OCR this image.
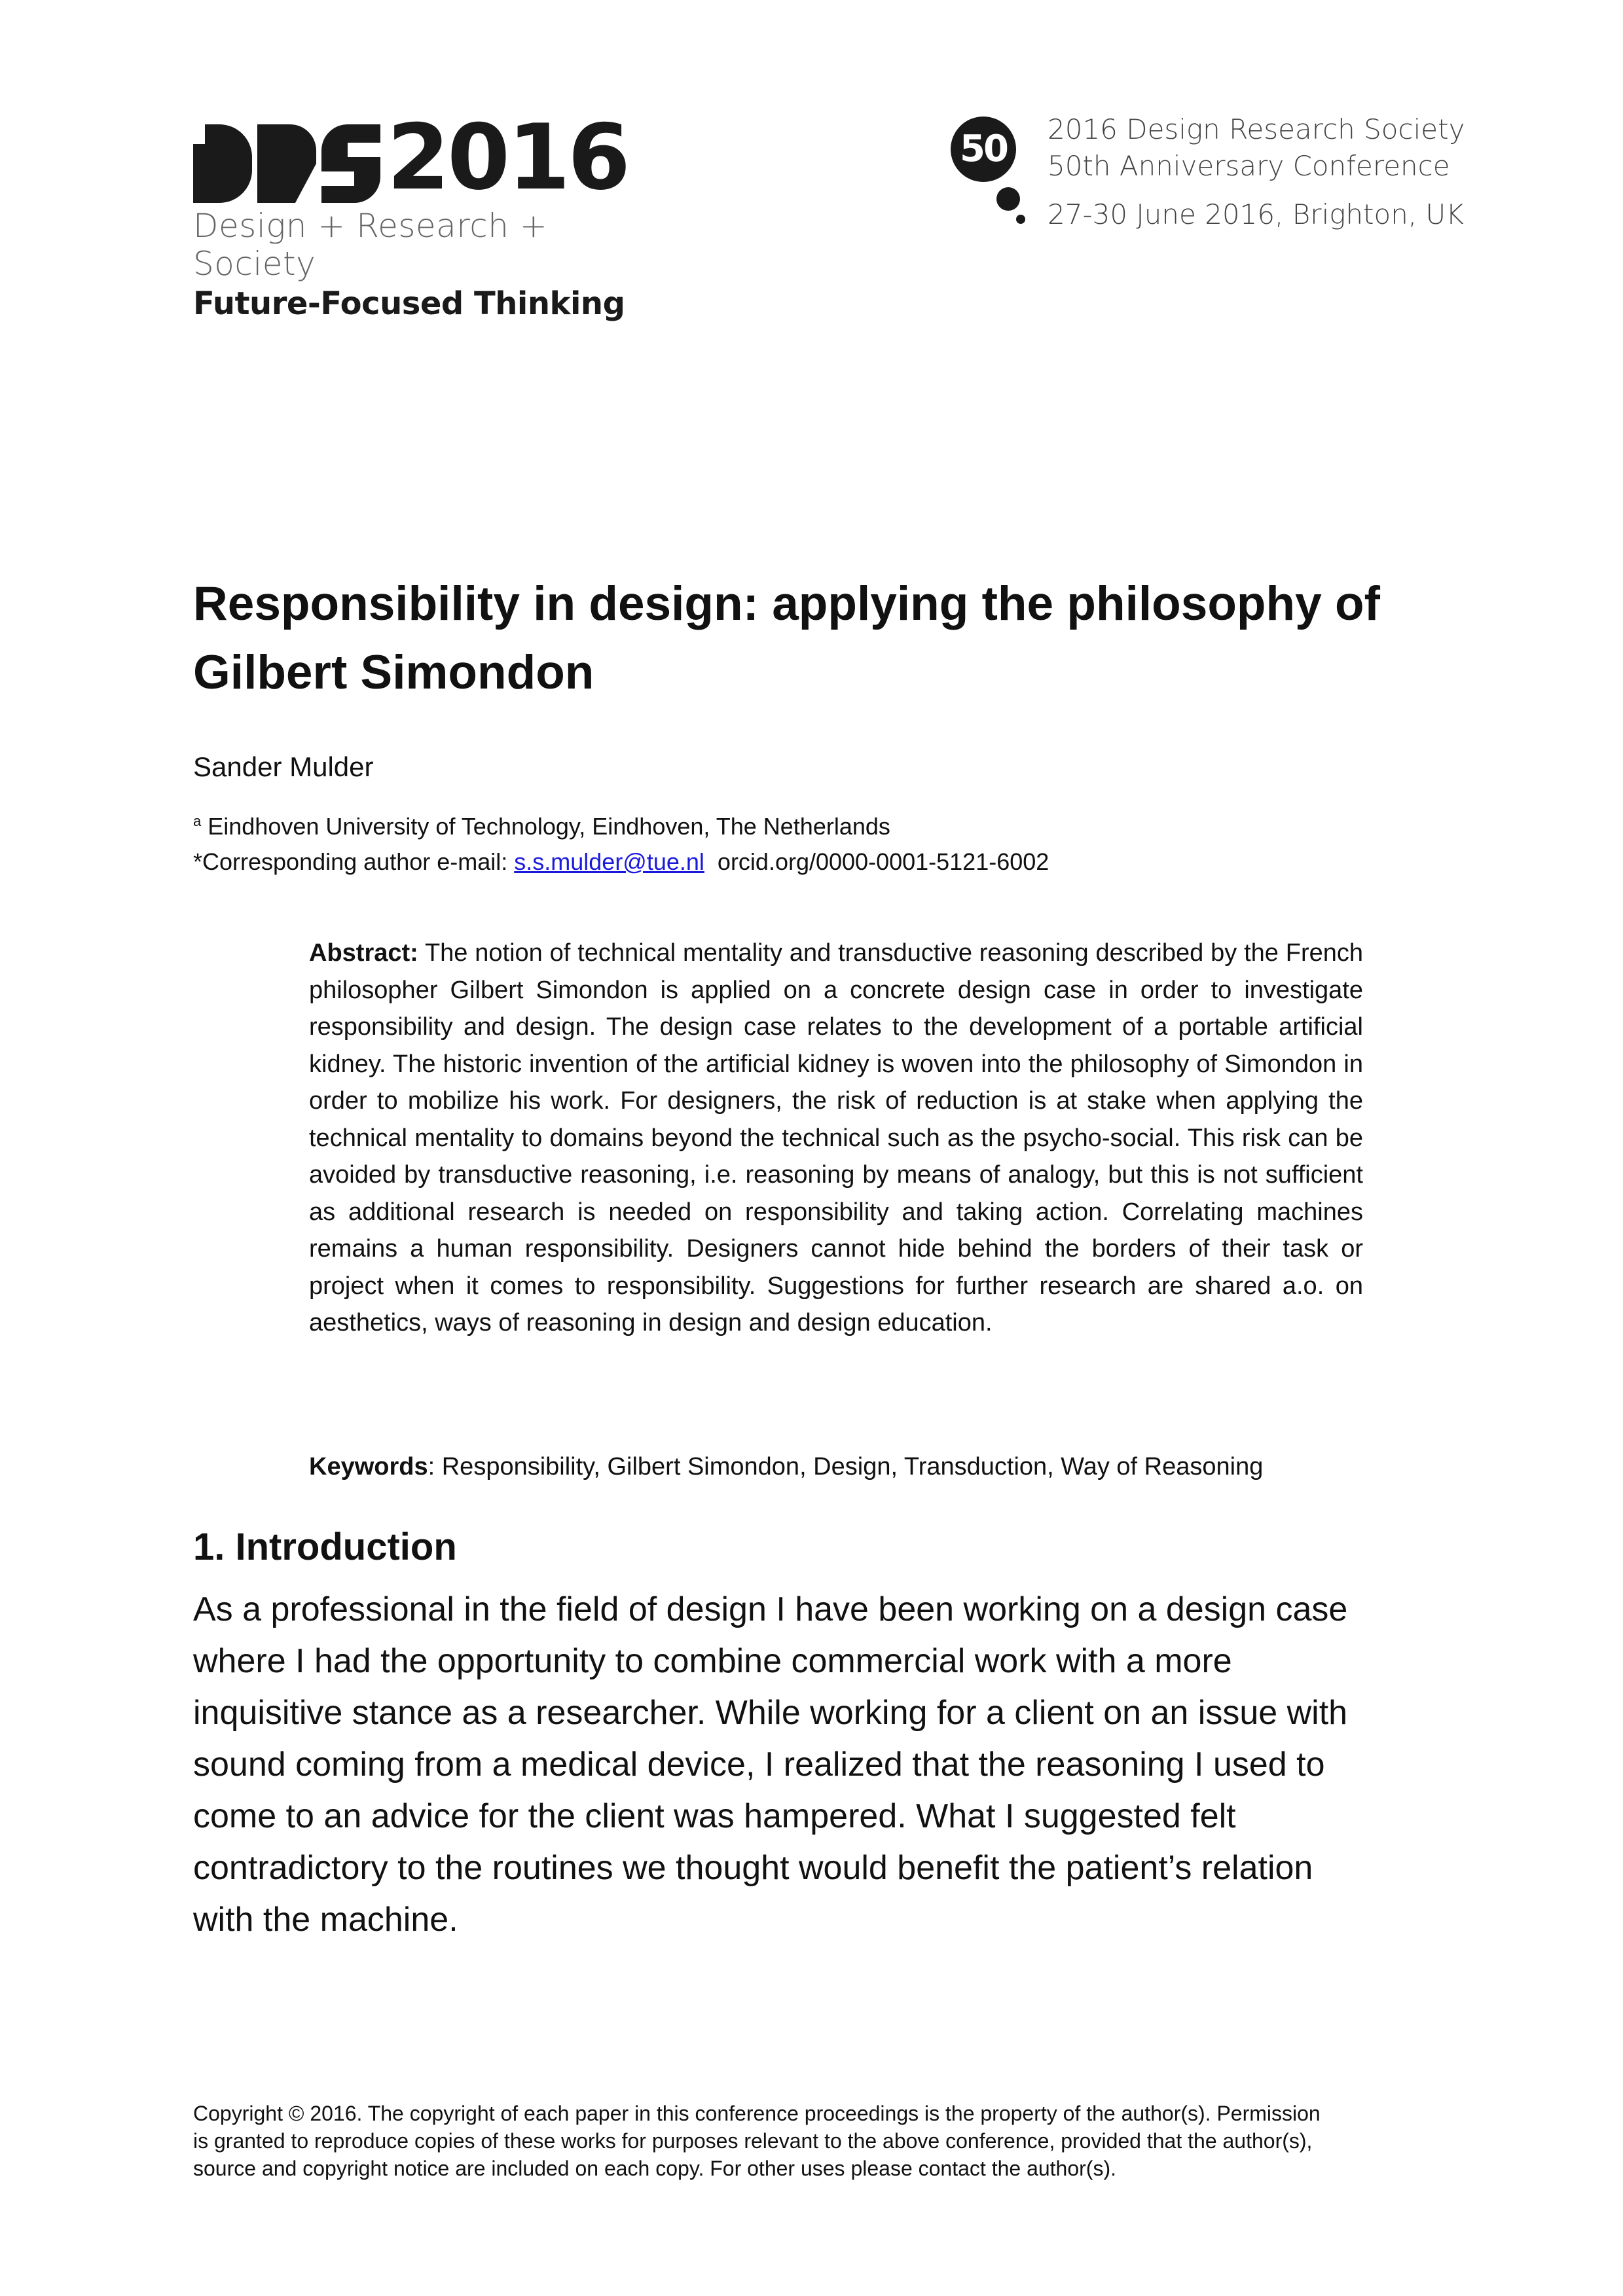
2016
Design + Research + Society
Future-Focused Thinking
50	2016 Design Research Society
50th Anniversary Conference
27-30 June 2016, Brighton, UK
Responsibility in design: applying the philosophy of
Gilbert Simondon
Sander Mulder
$^a$ Eindhoven University of Technology, Eindhoven, The Netherlands
*Corresponding author e-mail: s.s.mulder@tue.nl  orcid.org/0000-0001-5121-6002
Abstract: The notion of technical mentality and transductive reasoning described by the French philosopher Gilbert Simondon is applied on a concrete design case in order to investigate responsibility and design. The design case relates to the development of a portable artificial kidney. The historic invention of the artificial kidney is woven into the philosophy of Simondon in order to mobilize his work. For designers, the risk of reduction is at stake when applying the technical mentality to domains beyond the technical such as the psycho-social. This risk can be avoided by transductive reasoning, i.e. reasoning by means of analogy, but this is not sufficient as additional research is needed on responsibility and taking action. Correlating machines remains a human responsibility. Designers cannot hide behind the borders of their task or project when it comes to responsibility. Suggestions for further research are shared a.o. on aesthetics, ways of reasoning in design and design education.
Keywords: Responsibility, Gilbert Simondon, Design, Transduction, Way of Reasoning
1. Introduction
As a professional in the field of design I have been working on a design case
where I had the opportunity to combine commercial work with a more
inquisitive stance as a researcher. While working for a client on an issue with
sound coming from a medical device, I realized that the reasoning I used to
come to an advice for the client was hampered. What I suggested felt
contradictory to the routines we thought would benefit the patient’s relation
with the machine.
Copyright © 2016. The copyright of each paper in this conference proceedings is the property of the author(s). Permission
is granted to reproduce copies of these works for purposes relevant to the above conference, provided that the author(s),
source and copyright notice are included on each copy. For other uses please contact the author(s).
